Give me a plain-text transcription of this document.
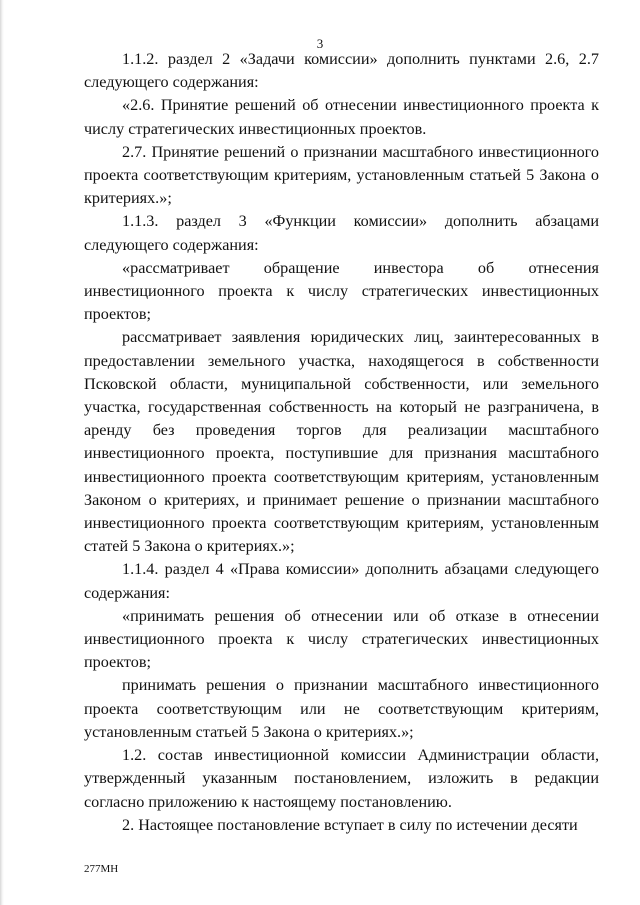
3

1.1.2. раздел 2 «Задачи комиссии» дополнить пунктами 2.6, 2.7 следующего содержания:

«2.6. Принятие решений об отнесении инвестиционного проекта к числу стратегических инвестиционных проектов.

2.7. Принятие решений о признании масштабного инвестиционного проекта соответствующим критериям, установленным статьей 5 Закона о критериях.»;

1.1.3. раздел 3 «Функции комиссии» дополнить абзацами следующего содержания:

«рассматривает обращение инвестора об отнесения инвестиционного проекта к числу стратегических инвестиционных проектов;

рассматривает заявления юридических лиц, заинтересованных в предоставлении земельного участка, находящегося в собственности Псковской области, муниципальной собственности, или земельного участка, государственная собственность на который не разграничена, в аренду без проведения торгов для реализации масштабного инвестиционного проекта, поступившие для признания масштабного инвестиционного проекта соответствующим критериям, установленным Законом о критериях, и принимает решение о признании масштабного инвестиционного проекта соответствующим критериям, установленным статей 5 Закона о критериях.»;

1.1.4. раздел 4 «Права комиссии» дополнить абзацами следующего содержания:

«принимать решения об отнесении или об отказе в отнесении инвестиционного проекта к числу стратегических инвестиционных проектов;

принимать решения о признании масштабного инвестиционного проекта соответствующим или не соответствующим критериям, установленным статьей 5 Закона о критериях.»;

1.2. состав инвестиционной комиссии Администрации области, утвержденный указанным постановлением, изложить в редакции согласно приложению к настоящему постановлению.

2. Настоящее постановление вступает в силу по истечении десяти

277МН
